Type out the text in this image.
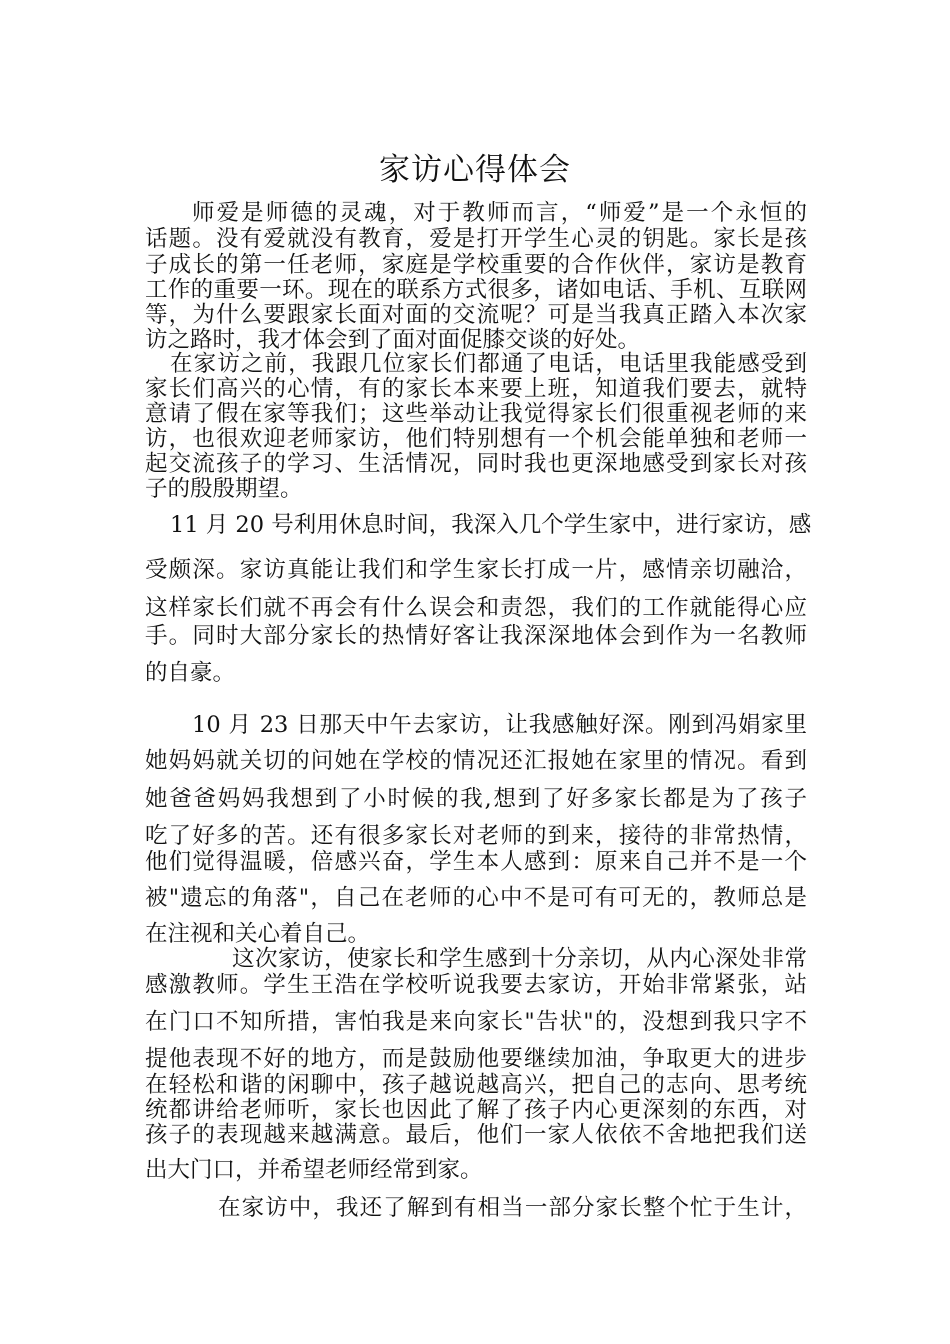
家访心得体会
师爱是师德的灵魂，对于教师而言，“师爱”是一个永恒的
话题。没有爱就没有教育，爱是打开学生心灵的钥匙。家长是孩
子成长的第一任老师，家庭是学校重要的合作伙伴，家访是教育
工作的重要一环。现在的联系方式很多，诸如电话、手机、互联网
等，为什么要跟家长面对面的交流呢？可是当我真正踏入本次家
访之路时，我才体会到了面对面促膝交谈的好处。
在家访之前，我跟几位家长们都通了电话，电话里我能感受到
家长们高兴的心情，有的家长本来要上班，知道我们要去，就特
意请了假在家等我们；这些举动让我觉得家长们很重视老师的来
访，也很欢迎老师家访，他们特别想有一个机会能单独和老师一
起交流孩子的学习、生活情况，同时我也更深地感受到家长对孩
子的殷殷期望。
11 月 20 号利用休息时间，我深入几个学生家中，进行家访，感
受颇深。家访真能让我们和学生家长打成一片，感情亲切融洽，
这样家长们就不再会有什么误会和责怨，我们的工作就能得心应
手。同时大部分家长的热情好客让我深深地体会到作为一名教师
的自豪。
10 月 23 日那天中午去家访，让我感触好深。刚到冯娟家里
她妈妈就关切的问她在学校的情况还汇报她在家里的情况。看到
她爸爸妈妈我想到了小时候的我,想到了好多家长都是为了孩子
吃了好多的苦。还有很多家长对老师的到来，接待的非常热情，
他们觉得温暖，倍感兴奋，学生本人感到：原来自己并不是一个
被"遗忘的角落"，自己在老师的心中不是可有可无的，教师总是
在注视和关心着自己。
这次家访，使家长和学生感到十分亲切，从内心深处非常
感激教师。学生王浩在学校听说我要去家访，开始非常紧张，站
在门口不知所措，害怕我是来向家长"告状"的，没想到我只字不
提他表现不好的地方，而是鼓励他要继续加油，争取更大的进步
在轻松和谐的闲聊中，孩子越说越高兴，把自己的志向、思考统
统都讲给老师听，家长也因此了解了孩子内心更深刻的东西，对
孩子的表现越来越满意。最后，他们一家人依依不舍地把我们送
出大门口，并希望老师经常到家。
在家访中，我还了解到有相当一部分家长整个忙于生计，
